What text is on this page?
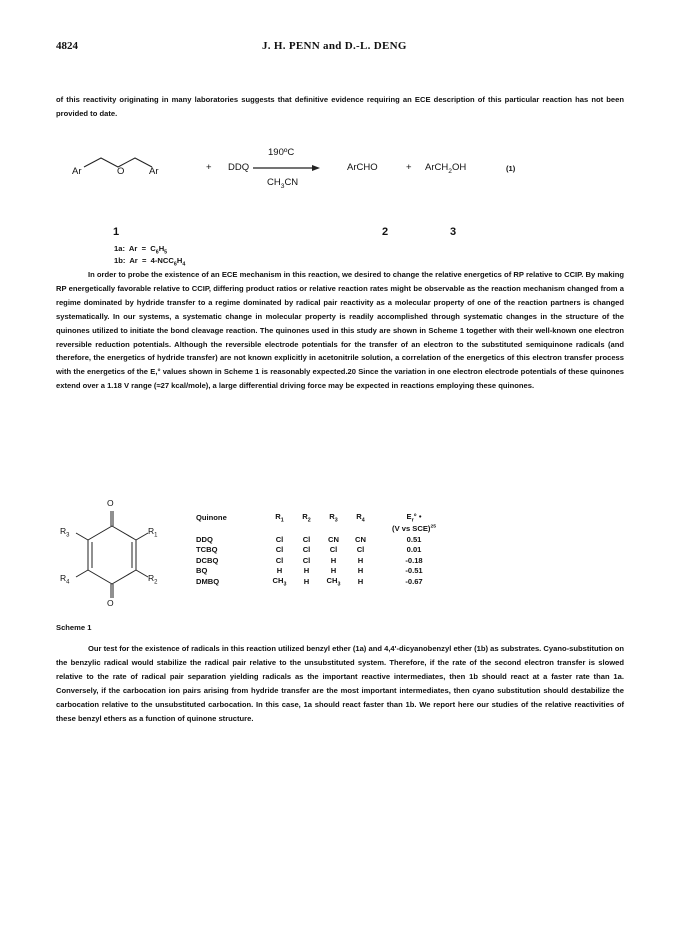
4824	J. H. PENN and D.-L. DENG
of this reactivity originating in many laboratories suggests that definitive evidence requiring an ECE description of this particular reaction has not been provided to date.
Ar	O	Ar	+ DDQ
190ºC
$CH_3CN$
ArCHO	+ ArCH$_2$OH	(1)
1	2	3
1a:  $Ar = C_6H_5$
1b:  $Ar = 4-NCC_6H_4$

In order to probe the existence of an ECE mechanism in this reaction, we desired to change the relative energetics of RP relative to CCIP. By making RP energetically favorable relative to CCIP, differing product ratios or relative reaction rates might be observable as the reaction mechanism changed from a regime dominated by hydride transfer to a regime dominated by radical pair reactivity as a molecular property of one of the reaction partners is changed systematically. In our systems, a systematic change in molecular property is readily accomplished through systematic changes in the structure of the quinones utilized to initiate the bond cleavage reaction. The quinones used in this study are shown in Scheme 1 together with their well-known one electron reversible reduction potentials. Although the reversible electrode potentials for the transfer of an electron to the substituted semiquinone radicals (and therefore, the energetics of hydride transfer) are not known explicitly in acetonitrile solution, a correlation of the energetics of this electron transfer process with the energetics of the E,° values shown in Scheme 1 is reasonably expected.20 Since the variation in one electron electrode potentials of these quinones extend over a 1.18 V range (≈27 kcal/mole), a large differential driving force may be expected in reactions employing these quinones.

O
O
$R_1$
$R_2$
$R_3$
$R_4$
Quinone	$R_1$	$R_2$	$R_3$	$R_4$	$E_r^\circ$ •
					(V vs SCE)$^{25}$
DDQ	Cl	Cl	CN	CN	0.51
TCBQ	Cl	Cl	Cl	Cl	0.01
DCBQ	Cl	Cl	H	H	-0.18
BQ	H	H	H	H	-0.51
DMBQ	$CH_3$	H	$CH_3$	H	-0.67
Scheme 1

Our test for the existence of radicals in this reaction utilized benzyl ether (1a) and 4,4'-dicyanobenzyl ether (1b) as substrates. Cyano-substitution on the benzylic radical would stabilize the radical pair relative to the unsubstituted system. Therefore, if the rate of the second electron transfer is slowed relative to the rate of radical pair separation yielding radicals as the important reactive intermediates, then 1b should react at a faster rate than 1a. Conversely, if the carbocation ion pairs arising from hydride transfer are the most important intermediates, then cyano substitution should destabilize the carbocation relative to the unsubstituted carbocation. In this case, 1a should react faster than 1b. We report here our studies of the relative reactivities of these benzyl ethers as a function of quinone structure.
